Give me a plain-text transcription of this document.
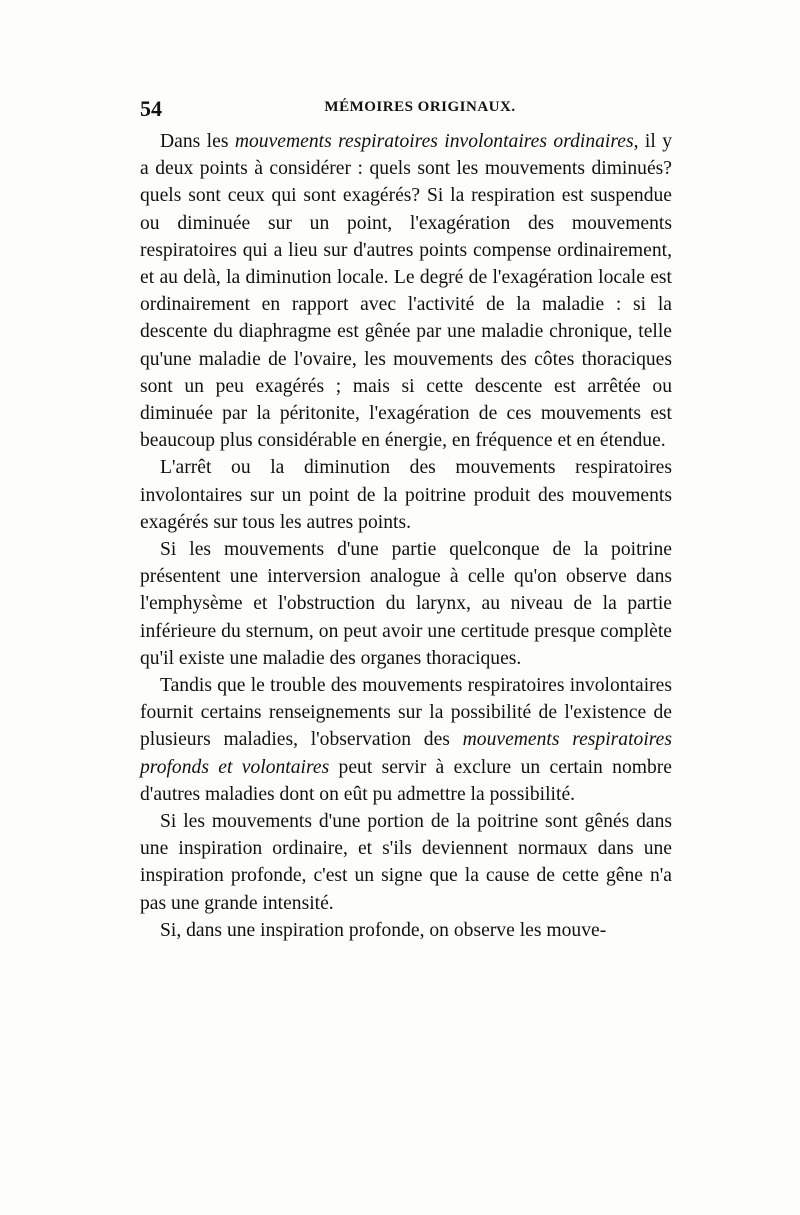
54	MÉMOIRES ORIGINAUX.

Dans les mouvements respiratoires involontaires ordinaires, il y a deux points à considérer : quels sont les mouvements diminués? quels sont ceux qui sont exagérés? Si la respiration est suspendue ou diminuée sur un point, l'exagération des mouvements respiratoires qui a lieu sur d'autres points compense ordinairement, et au delà, la diminution locale. Le degré de l'exagération locale est ordinairement en rapport avec l'activité de la maladie : si la descente du diaphragme est gênée par une maladie chronique, telle qu'une maladie de l'ovaire, les mouvements des côtes thoraciques sont un peu exagérés ; mais si cette descente est arrêtée ou diminuée par la péritonite, l'exagération de ces mouvements est beaucoup plus considérable en énergie, en fréquence et en étendue.

L'arrêt ou la diminution des mouvements respiratoires involontaires sur un point de la poitrine produit des mouvements exagérés sur tous les autres points.

Si les mouvements d'une partie quelconque de la poitrine présentent une interversion analogue à celle qu'on observe dans l'emphysème et l'obstruction du larynx, au niveau de la partie inférieure du sternum, on peut avoir une certitude presque complète qu'il existe une maladie des organes thoraciques.

Tandis que le trouble des mouvements respiratoires involontaires fournit certains renseignements sur la possibilité de l'existence de plusieurs maladies, l'observation des mouvements respiratoires profonds et volontaires peut servir à exclure un certain nombre d'autres maladies dont on eût pu admettre la possibilité.

Si les mouvements d'une portion de la poitrine sont gênés dans une inspiration ordinaire, et s'ils deviennent normaux dans une inspiration profonde, c'est un signe que la cause de cette gêne n'a pas une grande intensité.

Si, dans une inspiration profonde, on observe les mouve-
